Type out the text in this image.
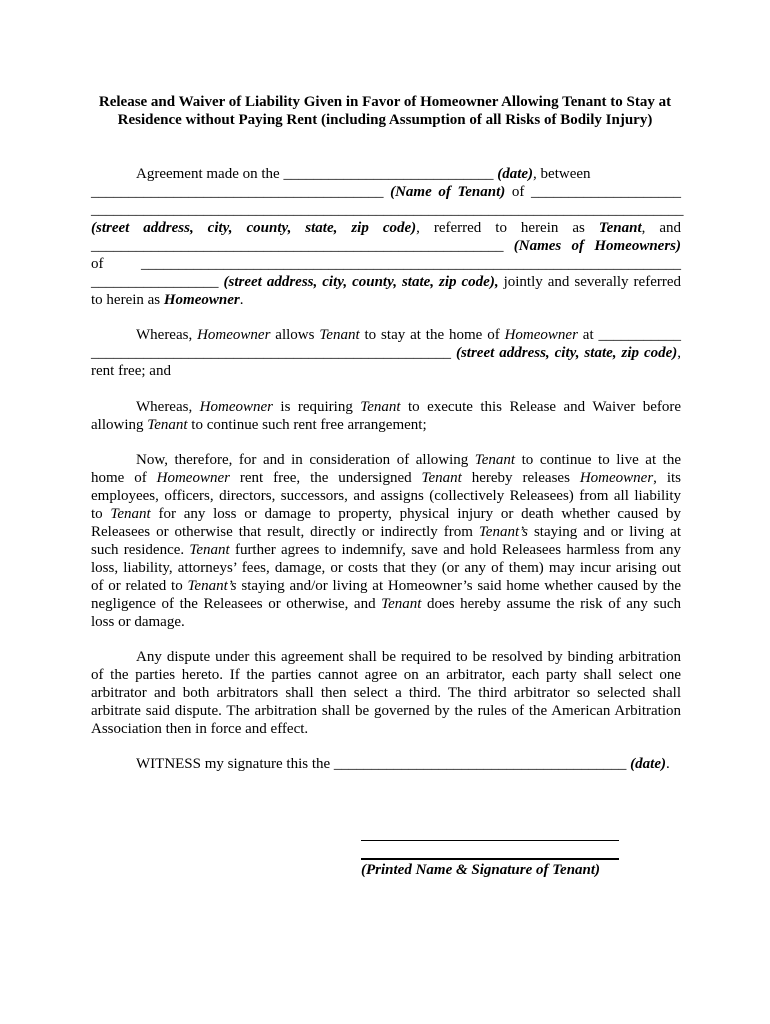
Release and Waiver of Liability Given in Favor of Homeowner Allowing Tenant to Stay at
Residence without Paying Rent (including Assumption of all Risks of Bodily Injury)
Agreement made on the ____________________________ (date), between
_______________________________________ (Name of Tenant) of ____________________
_______________________________________________________________________________
(street address, city, county, state, zip code), referred to herein as Tenant, and
_______________________________________________________ (Names of Homeowners)
of ________________________________________________________________________
_________________ (street address, city, county, state, zip code), jointly and severally referred
to herein as Homeowner.
Whereas, Homeowner allows Tenant to stay at the home of Homeowner at ___________
________________________________________________ (street address, city, state, zip code),
rent free; and
Whereas, Homeowner is requiring Tenant to execute this Release and Waiver before
allowing Tenant to continue such rent free arrangement;
Now, therefore, for and in consideration of allowing Tenant to continue to live at the
home of Homeowner rent free, the undersigned Tenant hereby releases Homeowner, its
employees, officers, directors, successors, and assigns (collectively Releasees) from all liability
to Tenant for any loss or damage to property, physical injury or death whether caused by
Releasees or otherwise that result, directly or indirectly from Tenant’s staying and or living at
such residence. Tenant further agrees to indemnify, save and hold Releasees harmless from any
loss, liability, attorneys’ fees, damage, or costs that they (or any of them) may incur arising out
of or related to Tenant’s staying and/or living at Homeowner’s said home whether caused by the
negligence of the Releasees or otherwise, and Tenant does hereby assume the risk of any such
loss or damage.
Any dispute under this agreement shall be required to be resolved by binding arbitration
of the parties hereto. If the parties cannot agree on an arbitrator, each party shall select one
arbitrator and both arbitrators shall then select a third. The third arbitrator so selected shall
arbitrate said dispute. The arbitration shall be governed by the rules of the American Arbitration
Association then in force and effect.
WITNESS my signature this the _______________________________________ (date).
(Printed Name & Signature of Tenant)
